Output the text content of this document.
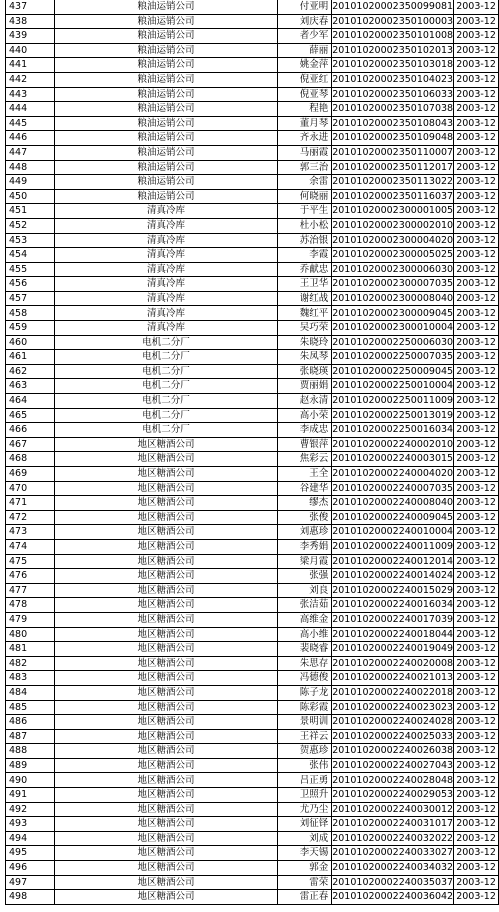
437	粮油运销公司	付亚明	20101020002350099081	2003-12
438	粮油运销公司	刘庆春	20101020002350100003	2003-12
439	粮油运销公司	者少军	20101020002350101008	2003-12
440	粮油运销公司	薛丽	20101020002350102013	2003-12
441	粮油运销公司	姚金萍	20101020002350103018	2003-12
442	粮油运销公司	倪亚红	20101020002350104023	2003-12
443	粮油运销公司	倪亚琴	20101020002350106033	2003-12
444	粮油运销公司	程艳	20101020002350107038	2003-12
445	粮油运销公司	董月琴	20101020002350108043	2003-12
446	粮油运销公司	齐永进	20101020002350109048	2003-12
447	粮油运销公司	马丽霞	20101020002350110007	2003-12
448	粮油运销公司	郭三治	20101020002350112017	2003-12
449	粮油运销公司	余雷	20101020002350113022	2003-12
450	粮油运销公司	何晓丽	20101020002350116037	2003-12
451	清真冷库	于平生	20101020002300001005	2003-12
452	清真冷库	杜小松	20101020002300002010	2003-12
453	清真冷库	苏治银	20101020002300004020	2003-12
454	清真冷库	李霞	20101020002300005025	2003-12
455	清真冷库	乔献忠	20101020002300006030	2003-12
456	清真冷库	王卫华	20101020002300007035	2003-12
457	清真冷库	谢红战	20101020002300008040	2003-12
458	清真冷库	魏红平	20101020002300009045	2003-12
459	清真冷库	吴巧荣	20101020002300010004	2003-12
460	电机二分厂	朱晓玲	20101020002250006030	2003-12
461	电机二分厂	朱凤琴	20101020002250007035	2003-12
462	电机二分厂	张晓瑛	20101020002250009045	2003-12
463	电机二分厂	贾丽娟	20101020002250010004	2003-12
464	电机二分厂	赵永清	20101020002250011009	2003-12
465	电机二分厂	高小荣	20101020002250013019	2003-12
466	电机二分厂	李成忠	20101020002250016034	2003-12
467	地区糖酒公司	曹银萍	20101020002240002010	2003-12
468	地区糖酒公司	焦彩云	20101020002240003015	2003-12
469	地区糖酒公司	王全	20101020002240004020	2003-12
470	地区糖酒公司	谷建华	20101020002240007035	2003-12
471	地区糖酒公司	缪杰	20101020002240008040	2003-12
472	地区糖酒公司	张俊	20101020002240009045	2003-12
473	地区糖酒公司	刘惠珍	20101020002240010004	2003-12
474	地区糖酒公司	李秀娟	20101020002240011009	2003-12
475	地区糖酒公司	梁月霞	20101020002240012014	2003-12
476	地区糖酒公司	张强	20101020002240014024	2003-12
477	地区糖酒公司	刘良	20101020002240015029	2003-12
478	地区糖酒公司	张洁茹	20101020002240016034	2003-12
479	地区糖酒公司	高维金	20101020002240017039	2003-12
480	地区糖酒公司	高小维	20101020002240018044	2003-12
481	地区糖酒公司	裴晓睿	20101020002240019049	2003-12
482	地区糖酒公司	朱思存	20101020002240020008	2003-12
483	地区糖酒公司	冯德俊	20101020002240021013	2003-12
484	地区糖酒公司	陈子龙	20101020002240022018	2003-12
485	地区糖酒公司	陈彩霞	20101020002240023023	2003-12
486	地区糖酒公司	景明训	20101020002240024028	2003-12
487	地区糖酒公司	王祥云	20101020002240025033	2003-12
488	地区糖酒公司	贺惠珍	20101020002240026038	2003-12
489	地区糖酒公司	张伟	20101020002240027043	2003-12
490	地区糖酒公司	吕正勇	20101020002240028048	2003-12
491	地区糖酒公司	卫照升	20101020002240029053	2003-12
492	地区糖酒公司	尤乃尘	20101020002240030012	2003-12
493	地区糖酒公司	刘征铎	20101020002240031017	2003-12
494	地区糖酒公司	刘成	20101020002240032022	2003-12
495	地区糖酒公司	李天锡	20101020002240033027	2003-12
496	地区糖酒公司	郭金	20101020002240034032	2003-12
497	地区糖酒公司	雷荣	20101020002240035037	2003-12
498	地区糖酒公司	雷正春	20101020002240036042	2003-12
